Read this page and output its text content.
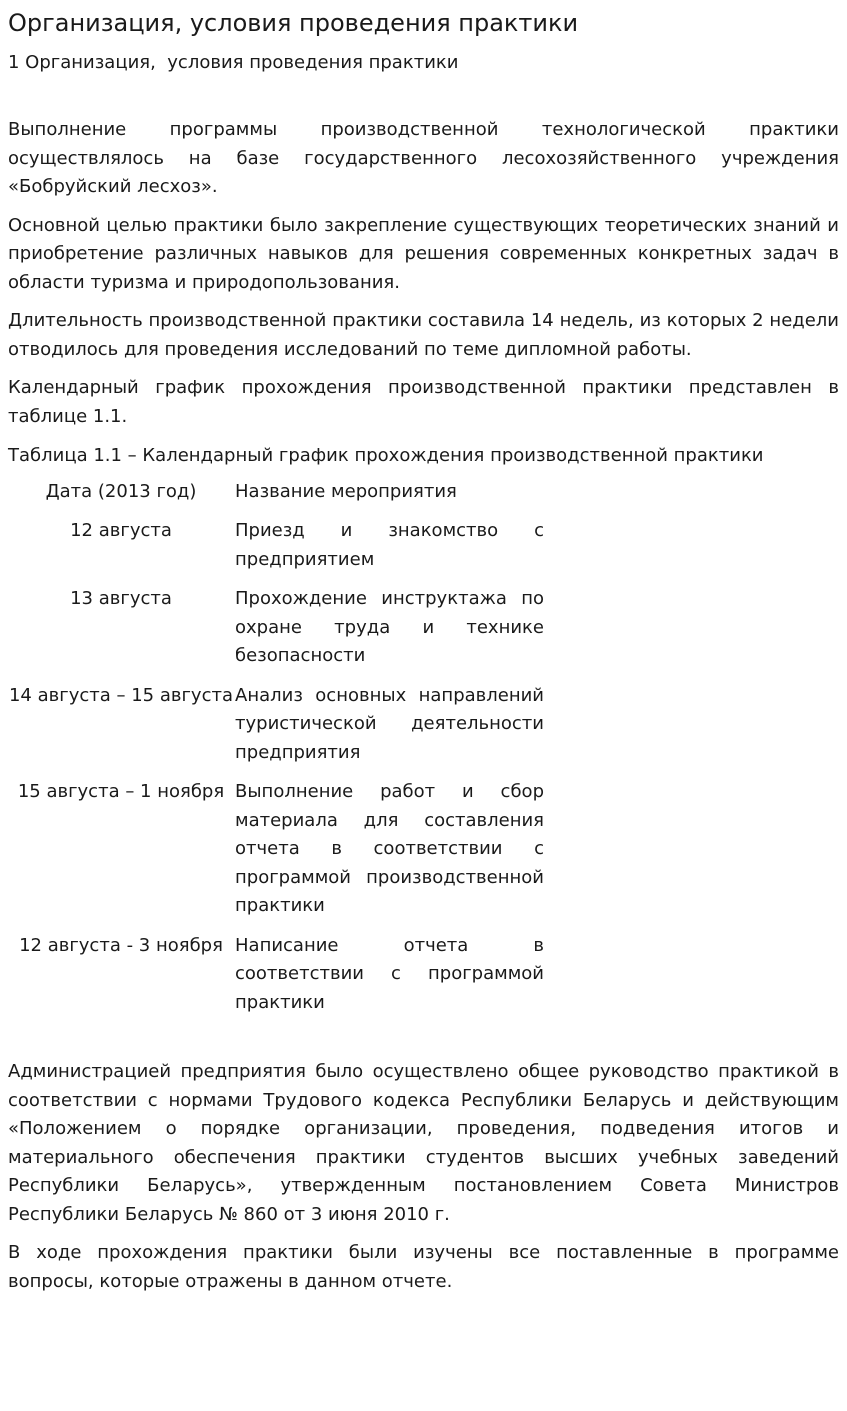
Организация, условия проведения практики

1 Организация,  условия проведения практики

Выполнение программы производственной технологической практики осуществлялось на базе государственного лесохозяйственного учреждения «Бобруйский лесхоз».

Основной целью практики было закрепление существующих теоретических знаний и приобретение различных навыков для решения современных конкретных задач в области туризма и природопользования.

Длительность производственной практики составила 14 недель, из которых 2 недели отводилось для проведения исследований по теме дипломной работы.

Календарный график прохождения производственной практики представлен в таблице 1.1.

Таблица 1.1 – Календарный график прохождения производственной практики

Дата (2013 год)	Название мероприятия
12 августа	Приезд и знакомство с предприятием
13 августа	Прохождение инструктажа по охране труда и технике безопасности
14 августа – 15 августа	Анализ основных направлений туристической деятельности предприятия
15 августа – 1 ноября	Выполнение работ и сбор материала для составления отчета в соответствии с программой производственной практики
12 августа - 3 ноября	Написание отчета в соответствии с программой практики

Администрацией предприятия было осуществлено общее руководство практикой в соответствии с нормами Трудового кодекса Республики Беларусь и действующим «Положением о порядке организации, проведения, подведения итогов и материального обеспечения практики студентов высших учебных заведений Республики Беларусь», утвержденным постановлением Совета Министров Республики Беларусь № 860 от 3 июня 2010 г.

В ходе прохождения практики были изучены все поставленные в программе вопросы, которые отражены в данном отчете.
